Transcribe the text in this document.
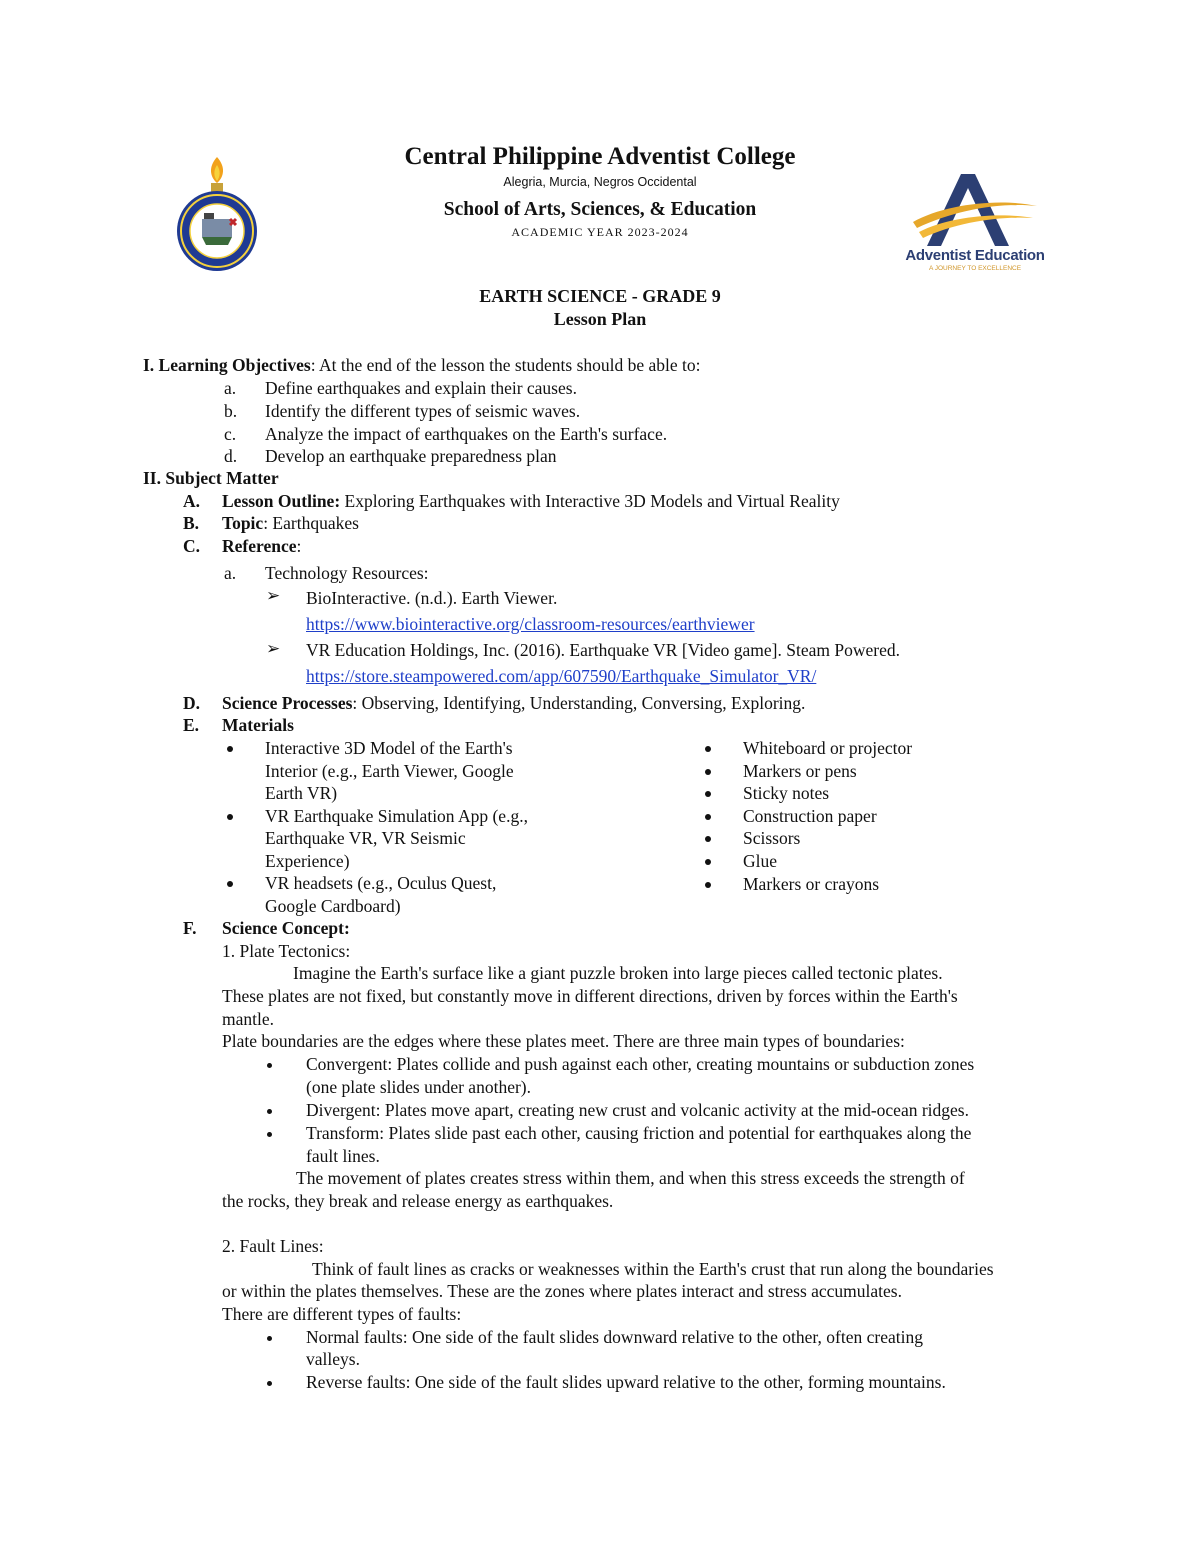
Adventist Education
A JOURNEY TO EXCELLENCE
Central Philippine Adventist College
Alegria, Murcia, Negros Occidental
School of Arts, Sciences, & Education
ACADEMIC YEAR 2023-2024
EARTH SCIENCE - GRADE 9
Lesson Plan
I. Learning Objectives: At the end of the lesson the students should be able to:
a. Define earthquakes and explain their causes.
b. Identify the different types of seismic waves.
c. Analyze the impact of earthquakes on the Earth's surface.
d. Develop an earthquake preparedness plan
II. Subject Matter
A. Lesson Outline: Exploring Earthquakes with Interactive 3D Models and Virtual Reality
B. Topic: Earthquakes
C. Reference:
a. Technology Resources:
➢ BioInteractive. (n.d.). Earth Viewer.
https://www.biointeractive.org/classroom-resources/earthviewer
➢ VR Education Holdings, Inc. (2016). Earthquake VR [Video game]. Steam Powered.
https://store.steampowered.com/app/607590/Earthquake_Simulator_VR/
D. Science Processes: Observing, Identifying, Understanding, Conversing, Exploring.
E. Materials
Interactive 3D Model of the Earth's
Interior (e.g., Earth Viewer, Google
Earth VR)
VR Earthquake Simulation App (e.g.,
Earthquake VR, VR Seismic
Experience)
VR headsets (e.g., Oculus Quest,
Google Cardboard)
Whiteboard or projector
Markers or pens
Sticky notes
Construction paper
Scissors
Glue
Markers or crayons
F. Science Concept:
1. Plate Tectonics:
Imagine the Earth's surface like a giant puzzle broken into large pieces called tectonic plates.
These plates are not fixed, but constantly move in different directions, driven by forces within the Earth's
mantle.
Plate boundaries are the edges where these plates meet. There are three main types of boundaries:
Convergent: Plates collide and push against each other, creating mountains or subduction zones
(one plate slides under another).
Divergent: Plates move apart, creating new crust and volcanic activity at the mid-ocean ridges.
Transform: Plates slide past each other, causing friction and potential for earthquakes along the
fault lines.
The movement of plates creates stress within them, and when this stress exceeds the strength of
the rocks, they break and release energy as earthquakes.
2. Fault Lines:
Think of fault lines as cracks or weaknesses within the Earth's crust that run along the boundaries
or within the plates themselves. These are the zones where plates interact and stress accumulates.
There are different types of faults:
Normal faults: One side of the fault slides downward relative to the other, often creating
valleys.
Reverse faults: One side of the fault slides upward relative to the other, forming mountains.
